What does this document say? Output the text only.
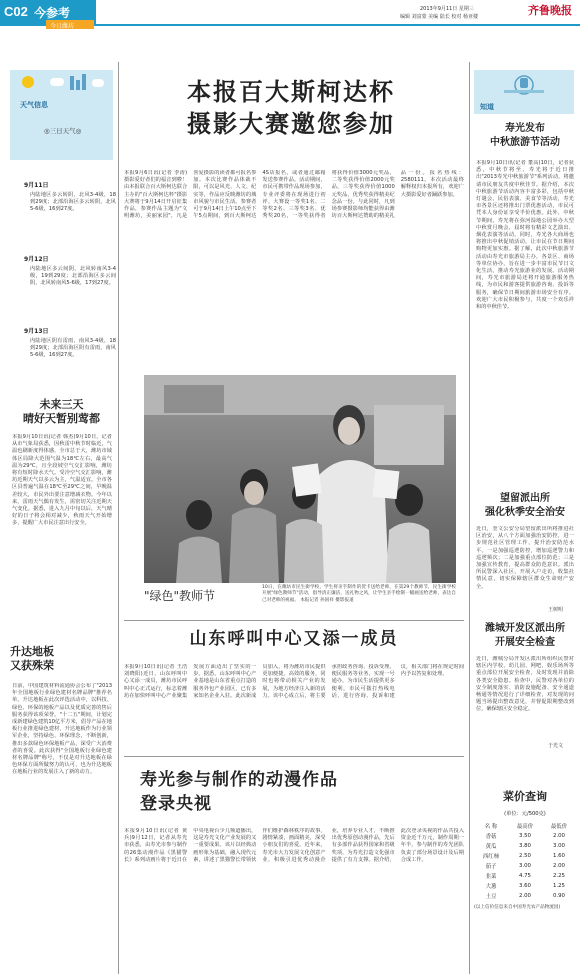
C02 今参考
今日潍坊
2013年9月11日 星期三
编辑 刘富蒙 美编 陆长 校对 杨亚楼	齐鲁晚报
天气信息
◎三日天气◎
9月11日
内陆地区多云转阴，北风3-4级，18到29度；北部沿海区多云转阴，北风5-6级，16到27度。
9月12日
内陆地区多云间阴，北风转南风3-4级，19到29度；北部沿海区多云间阴，北风转南风5-6级，17到27度。
9月13日
内陆地区阴有雷雨，南风3-4级，18到29度；北部沿海区阴有雷雨，南风5-6级，16到27度。
未来三天
晴好天暂别莺都
本报9月10日讯(记者 韩杰)9月10日，记者从市气象局获悉，因秋雷中秋节时临近，气温也刷新度得体感，全市总于大，潍坊市域体区局降大范围气温为18℃左右，最高气温为29℃，且全段坡空气交汇影响，潍坊将有短时降水天气。受冷空气交汇影响，潍坊近期天气以多云为主，气温适宜。全市各区县普遍气温在18℃至29℃之间，早晚温差较大，市民外出要注意增减衣物。今年以来，雷雨天气偶有发生，需密切关注近期天气变化。据悉，进入九月中旬以后，天气晴好的日子将会相对减少，秋雨天气开始增多，提醒广大市民注意出行安全。
升达地板
又获殊荣
日前，中国建筑材料流通协会公布了"2013年全国地板行业绿色建材名牌品牌"推荐名单，升达地板在此次评选活动中，以科技、绿色、环保的地板产品以及优质完善的售后服务获得该项荣誉。"十二五"期间，计划完成新建绿色建筑10亿平方米，倡导产品在地板行业推进绿色建材，升达地板作为行业领军企业，坚持绿色、环保理念，不断创新，推出多款绿色环保地板产品，深受广大消费者的喜爱。此次获得"全国地板行业绿色建材名牌品牌"称号，不仅是对升达地板在绿色环保方面所做努力的认可，也为升达地板在地板行业的发展注入了新的动力。
本报百大斯柯达杯
摄影大赛邀您参加
本报9月6日讯(记者 李涛)摄影爱好者们的福音到啦！由本报联合百大斯柯达联合主办的"百大斯柯达杯"摄影大赛将于9月14日开启征集作品，参赛作品主题为"文明潍坊，美丽家园"，凡是喜爱摄影的读者都可报名参加。本次比赛作品体裁不限，可以是风光、人文、纪实等，作品应反映潍坊的城市风貌与市民生活。参赛者可于9月14日上午10点至下午5点期间，到百大斯柯达4S店报名，或者通过邮箱发送参赛作品。活动期间，市民可携带作品现场参加，专业评委将在现场进行初评。大赛设一等奖1名、二等奖2名、三等奖3名、优秀奖20名，一等奖获得者将获得价值3000元奖品，二等奖获得价值2000元奖品，三等奖获得价值1000元奖品，优秀奖获得精美纪念品一份。与此同时，凡到场参赛摄影师均能获得由潍坊百大斯柯达赞助的精美礼品一份。报名热线：2580111。本次活动最终解释权归本报所有，欢迎广大摄影爱好者踊跃参加。
"绿色"教师节
10日，在潍坊市民生街学校，学生将亲手制作的贺卡送给老师，在第29个教师节，民生街学校开展"绿色教师节"活动，倡导清正廉洁，送礼物之风，让学生亲手绘制一幅画送给老师，表达自己对老师的祝福。 本报记者 孙国祥 摄影报道
山东呼叫中心又添一成员
本报9月10日讯(记者 王浩 刘晓阳)近日，山东呼叫中心又添一成员，潍坊市民呼叫中心正式运行，标志着潍坊在加快呼叫中心产业聚集发展方面迈出了坚实的一步。据悉，山东呼叫中心产业基地是山东省重点打造的服务外包产业园区，已有多家知名企业入驻。此次新成员加入，将为潍坊市民提供更加便捷、高效的服务，同时也将带动相关产业的发展，为地方经济注入新的活力。该中心成立后，将主要承担政务咨询、投诉受理、便民服务等业务，实现一号通办，为市民生活提供更多便利。市民可拨打热线电话，进行咨询、投诉和建议，相关部门将在规定时间内予以答复和处理。
寿光参与制作的动漫作品
登录央视
本报9月10日讯(记者 黄兵)9月12日，记者从寿光市获悉，由寿光市参与制作的26集动漫作品《黑猫警长》系列动画片将于近日在中央电视台少儿频道播出，这是寿光文化产业发展的又一重要成果。该片以经典动画形象为基础，融入现代元素，讲述了黑猫警长带领伙伴们维护森林秩序的故事，剧情紧凑，画面精美，深受小朋友们的喜爱。近年来，寿光市大力发展文化创意产业，积极引进优秀动漫企业，培养专业人才，不断推出优秀原创动漫作品，先后有多部作品获得国家和省级奖项，为寿光打造文化强市提供了有力支撑。据介绍，此次登录央视的作品共投入资金近千万元，制作周期一年半，参与制作的寿光团队负责了部分场景设计及后期合成工作。
知道
寿光发布
中秋旅游节活动
本报9月10日讯(记者 董高)10日，记者获悉，中秋节将至，寿光将于近日推出"2013寿光中秋旅游节"系列活动，将邀请市民朋友共度中秋佳节。据介绍，本次中秋旅游节活动内容丰富多彩，包括中秋灯谜会、民俗表演、美食节等活动，寿光市各景区还将推出门票优惠活动，市民可凭本人身份证享受半价优惠。此外，中秋节期间，寿光将在弥河湿地公园举办大型中秋赏月晚会，届时将有精彩文艺演出、烟花表演等活动。同时，寿光各大商场也将推出中秋促销活动，让市民在节日期间购物更加实惠。据了解，此次中秋旅游节活动由寿光市旅游局主办，各景区、商场等单位协办，旨在进一步丰富市民节日文化生活，推动寿光旅游业的发展。活动期间，寿光市旅游局还将开通旅游服务热线，为市民和游客提供旅游咨询、投诉等服务，确保节日期间旅游市场安全有序。欢迎广大市民积极参与，共度一个欢乐祥和的中秋佳节。
望留派出所
强化秋季安全治安
近日，奎文公安分局望留派出所将推进社区治安，从八个方面加强治安防控，进一步规范社区管理工作，提升治安防范水平。一是加强巡逻防控，增加巡逻警力和巡逻频次；二是加强重点部位防范；三是加强宣传教育，提高群众防范意识。派出所民警深入社区，开展入户走访，收集社情民意，切实保障辖区群众生命财产安全。
王树明
潍城开发区派出所
开展安全检查
近日，潍城分局开发区派出所组织民警对辖区内学校、幼儿园、网吧、娱乐场所等重点部位开展安全检查，及时发现并消除各类安全隐患。检查中，民警对各单位的安全制度落实、消防设施配备、安全通道畅通等情况进行了详细检查，对发现的问题当场提出整改意见，并督促限期整改到位，确保辖区安全稳定。
于光文
菜价查询
(单位：元/500克)
名 称	最高价	最低价
香菇	3.50	2.00
黄瓜	3.80	3.00
西红柿	2.50	1.60
茄子	3.00	2.00
韭菜	4.75	2.25
大葱	3.60	1.25
土豆	2.00	0.90
(以上信价信息来自中国寿光农产品物流园)
